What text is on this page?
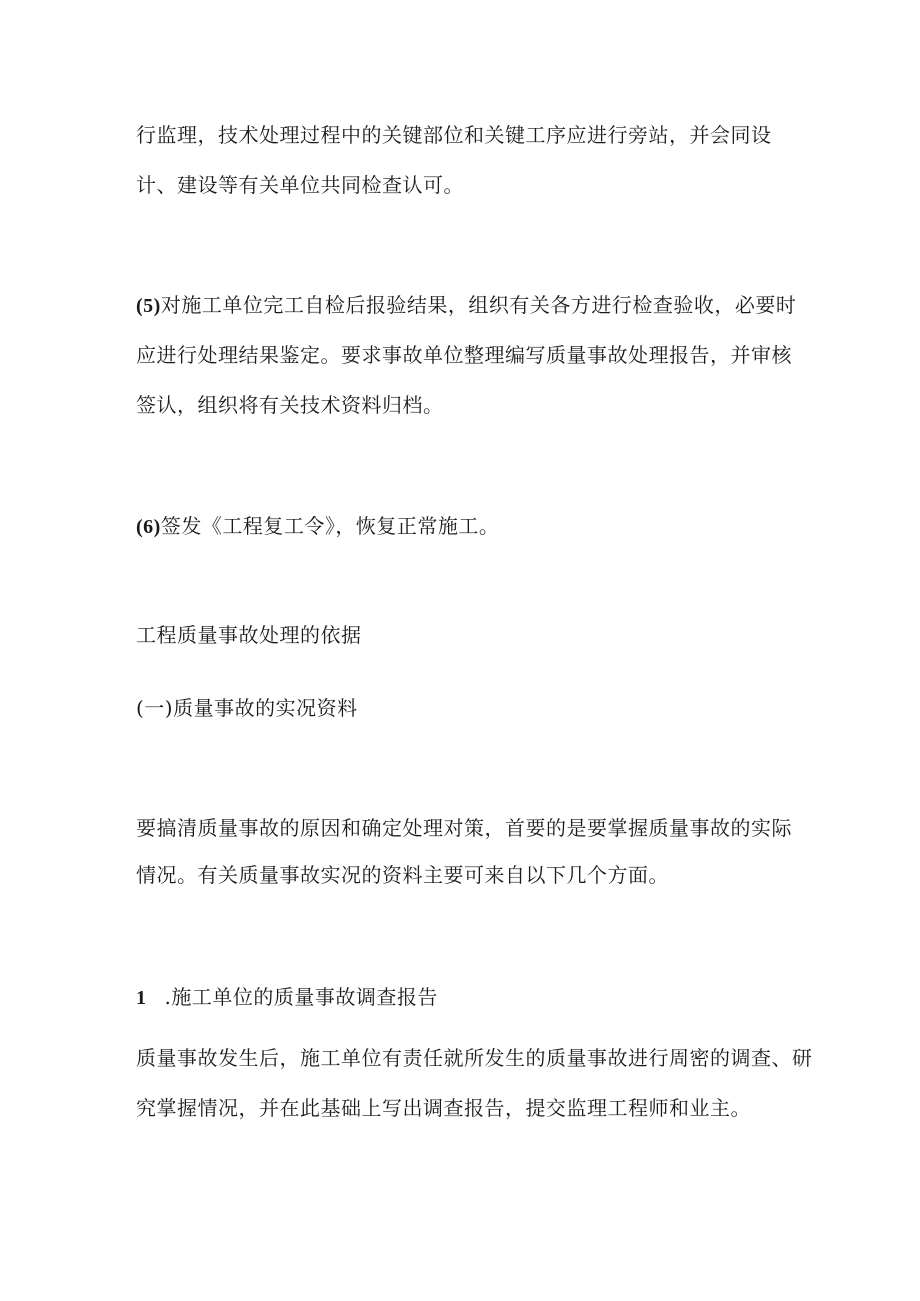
行监理，技术处理过程中的关键部位和关键工序应进行旁站，并会同设
计、建设等有关单位共同检查认可。
(5)对施工单位完工自检后报验结果，组织有关各方进行检查验收，必要时
应进行处理结果鉴定。要求事故单位整理编写质量事故处理报告，并审核
签认，组织将有关技术资料归档。
(6)签发《工程复工令》，恢复正常施工。
工程质量事故处理的依据
(一)质量事故的实况资料
要搞清质量事故的原因和确定处理对策，首要的是要掌握质量事故的实际
情况。有关质量事故实况的资料主要可来自以下几个方面。
1 .施工单位的质量事故调查报告
质量事故发生后，施工单位有责任就所发生的质量事故进行周密的调查、研
究掌握情况，并在此基础上写出调查报告，提交监理工程师和业主。
